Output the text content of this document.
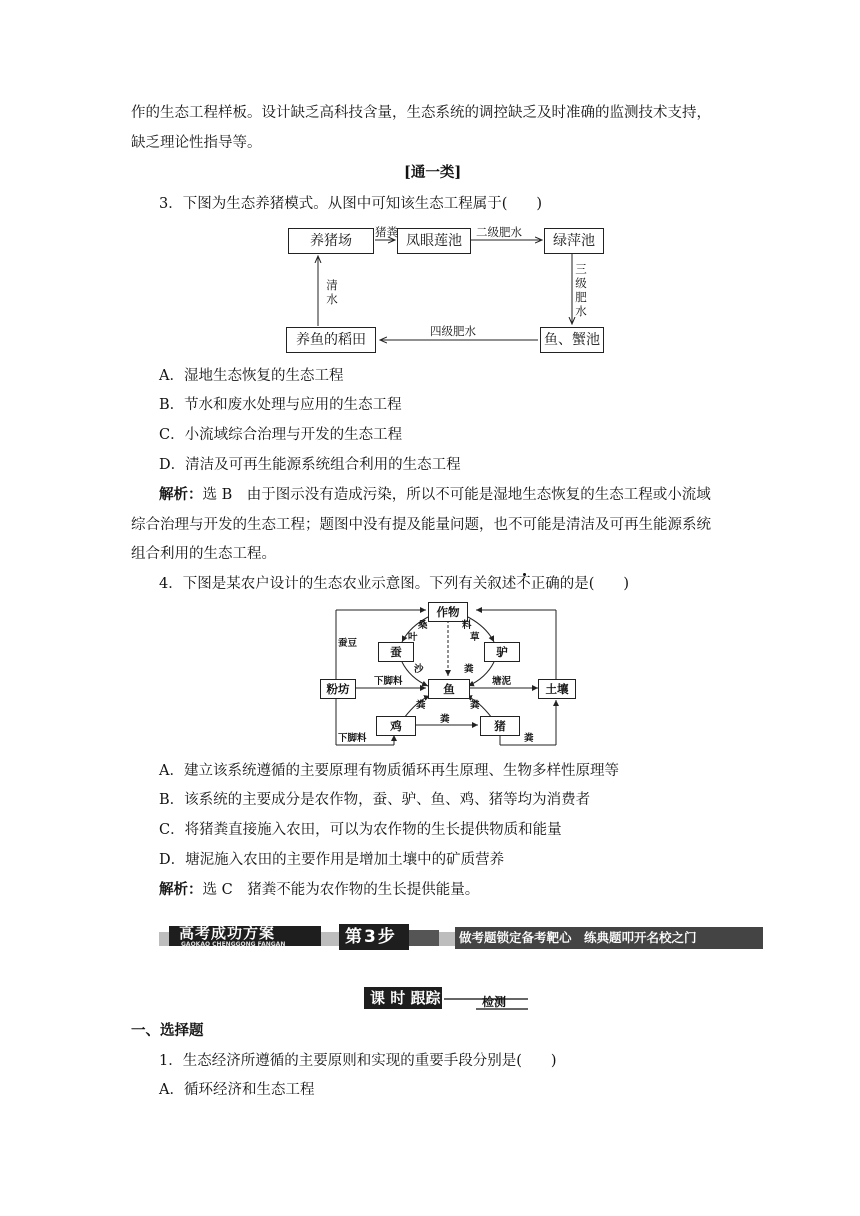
作的生态工程样板。设计缺乏高科技含量，生态系统的调控缺乏及时准确的监测技术支持，
缺乏理论性指导等。
[通一类]
3．下图为生态养猪模式。从图中可知该生态工程属于(　　)
养猪场	凤眼莲池	绿萍池
鱼、蟹池
养鱼的稻田
猪粪	二级肥水
三级肥水
四级肥水
清水
A．湿地生态恢复的生态工程
B．节水和废水处理与应用的生态工程
C．小流域综合治理与开发的生态工程
D．清洁及可再生能源系统组合利用的生态工程
解析：选 B　由于图示没有造成污染，所以不可能是湿地生态恢复的生态工程或小流域
综合治理与开发的生态工程；题图中没有提及能量问题，也不可能是清洁及可再生能源系统
组合利用的生态工程。
4．下图是某农户设计的生态农业示意图。下列有关叙述不正确的是(　　)
作物
蚕	驴
粉坊	鱼	土壤
鸡	猪
蚕豆
桑
叶
料
草
沙	粪
下脚料	塘泥
粪	粪
粪
下脚料	粪
A．建立该系统遵循的主要原理有物质循环再生原理、生物多样性原理等
B．该系统的主要成分是农作物，蚕、驴、鱼、鸡、猪等均为消费者
C．将猪粪直接施入农田，可以为农作物的生长提供物质和能量
D．塘泥施入农田的主要作用是增加土壤中的矿质营养
解析：选 C　猪粪不能为农作物的生长提供能量。
高考成功方案
GAOKAO CHENGGONG FANGAN	第3步	做考题锁定备考靶心　练典题叩开名校之门
课 时 跟踪	检测
一、选择题
1．生态经济所遵循的主要原则和实现的重要手段分别是(　　)
A．循环经济和生态工程
